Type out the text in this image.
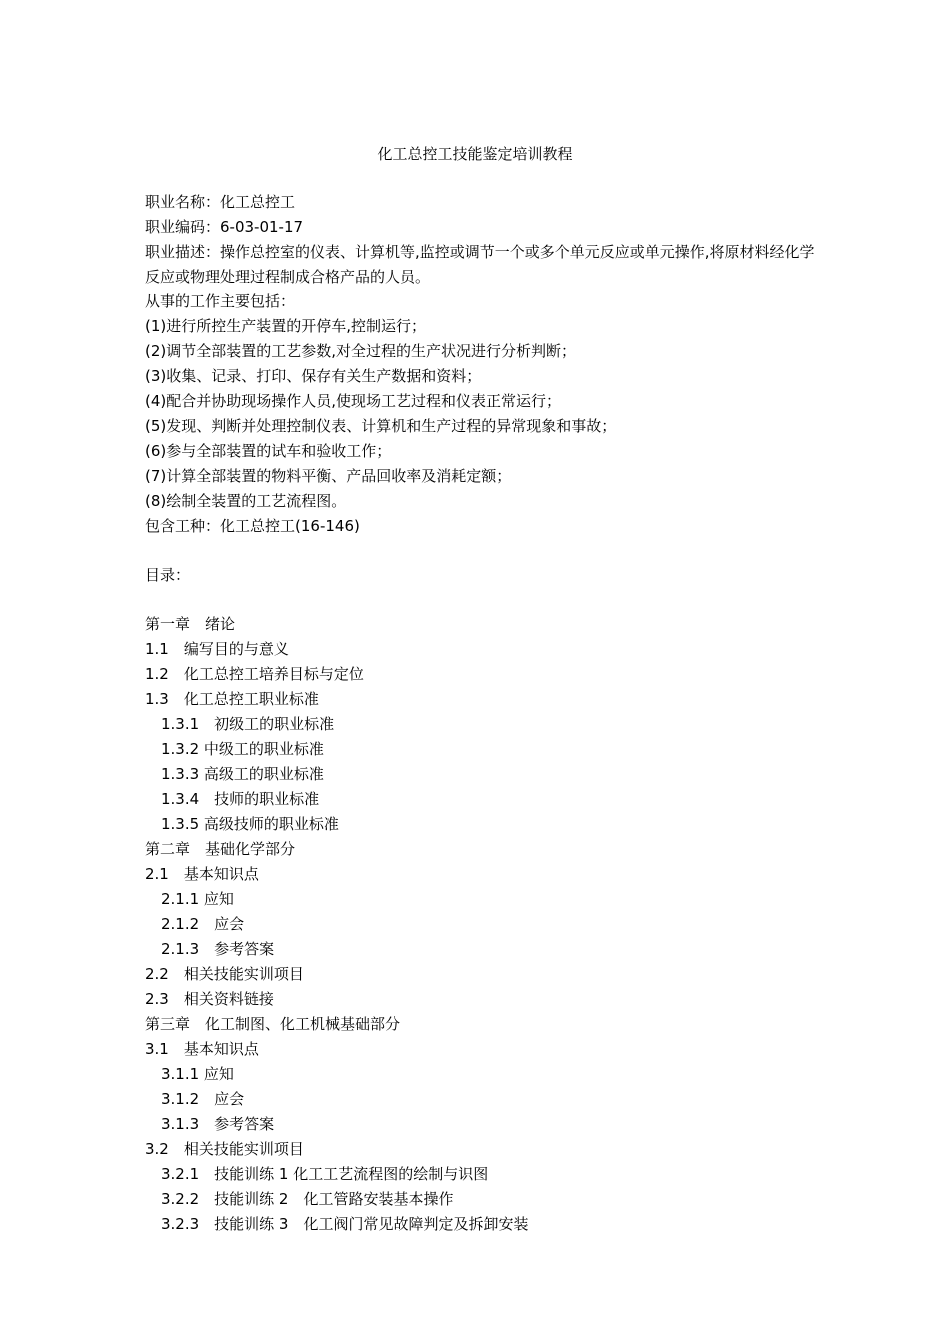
化工总控工技能鉴定培训教程
职业名称：化工总控工
职业编码：6-03-01-17
职业描述：操作总控室的仪表、计算机等,监控或调节一个或多个单元反应或单元操作,将原材料经化学反应或物理处理过程制成合格产品的人员。
从事的工作主要包括：
(1)进行所控生产装置的开停车,控制运行；
(2)调节全部装置的工艺参数,对全过程的生产状况进行分析判断；
(3)收集、记录、打印、保存有关生产数据和资料；
(4)配合并协助现场操作人员,使现场工艺过程和仪表正常运行；
(5)发现、判断并处理控制仪表、计算机和生产过程的异常现象和事故；
(6)参与全部装置的试车和验收工作；
(7)计算全部装置的物料平衡、产品回收率及消耗定额；
(8)绘制全装置的工艺流程图。
包含工种：化工总控工(16-146)
目录：
第一章　绪论
1.1　编写目的与意义
1.2　化工总控工培养目标与定位
1.3　化工总控工职业标准
1.3.1　初级工的职业标准
1.3.2 中级工的职业标准
1.3.3 高级工的职业标准
1.3.4　技师的职业标准
1.3.5 高级技师的职业标准
第二章　基础化学部分
2.1　基本知识点
2.1.1 应知
2.1.2　应会
2.1.3　参考答案
2.2　相关技能实训项目
2.3　相关资料链接
第三章　化工制图、化工机械基础部分
3.1　基本知识点
3.1.1 应知
3.1.2　应会
3.1.3　参考答案
3.2　相关技能实训项目
3.2.1　技能训练 1 化工工艺流程图的绘制与识图
3.2.2　技能训练 2　化工管路安装基本操作
3.2.3　技能训练 3　化工阀门常见故障判定及拆卸安装
